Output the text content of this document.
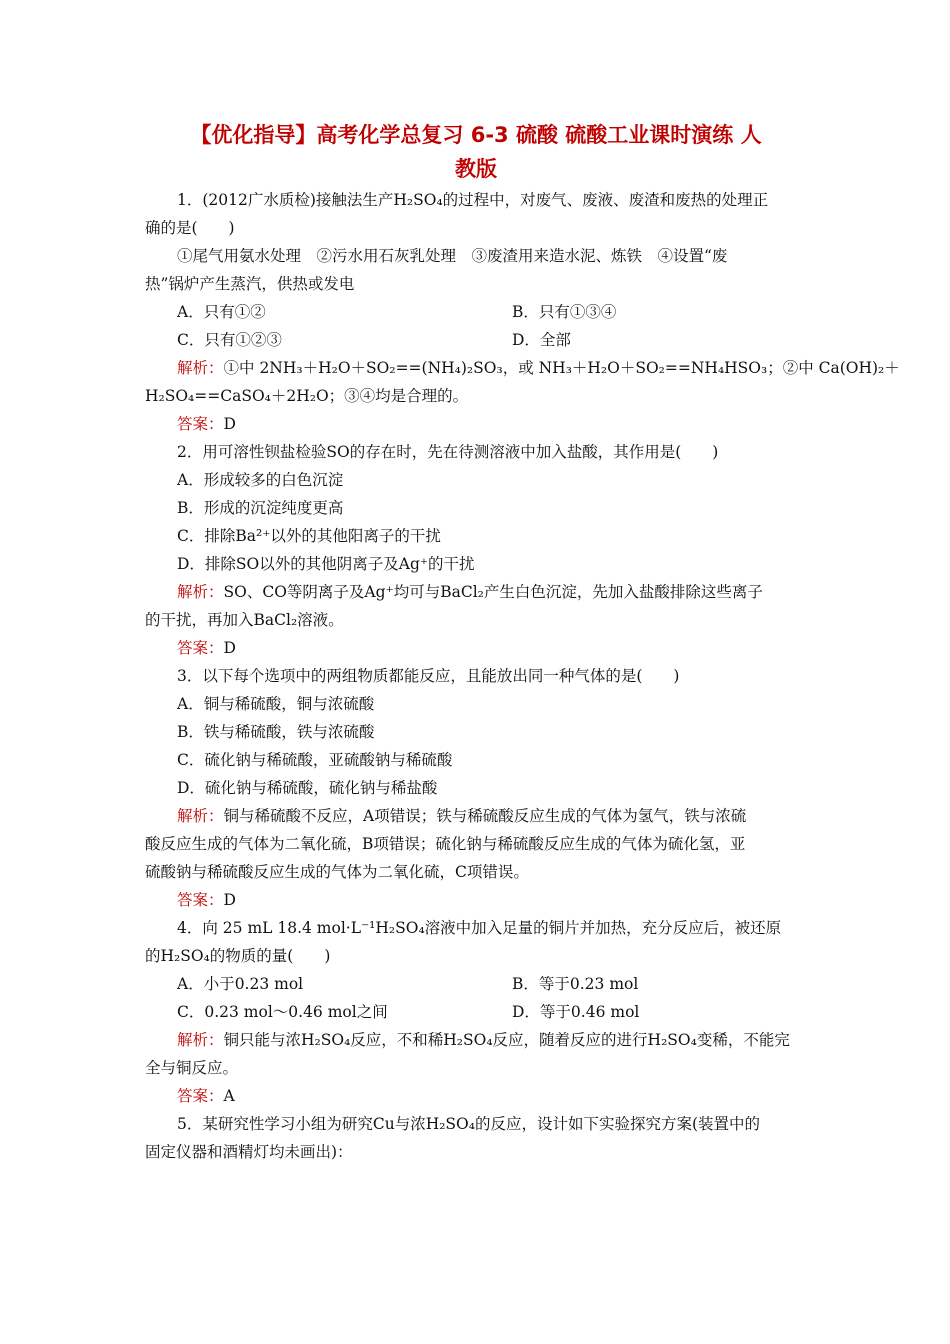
【优化指导】高考化学总复习 6-3 硫酸 硫酸工业课时演练 人
教版
1．(2012广水质检)接触法生产H₂SO₄的过程中，对废气、废液、废渣和废热的处理正
确的是(　　)
①尾气用氨水处理　②污水用石灰乳处理　③废渣用来造水泥、炼铁　④设置“废
热”锅炉产生蒸汽，供热或发电
A．只有①②	B．只有①③④
C．只有①②③	D．全部
解析：①中 2NH₃＋H₂O＋SO₂==(NH₄)₂SO₃，或 NH₃＋H₂O＋SO₂==NH₄HSO₃；②中 Ca(OH)₂＋
H₂SO₄==CaSO₄＋2H₂O；③④均是合理的。
答案：D
2．用可溶性钡盐检验SO的存在时，先在待测溶液中加入盐酸，其作用是(　　)
A．形成较多的白色沉淀
B．形成的沉淀纯度更高
C．排除Ba²⁺以外的其他阳离子的干扰
D．排除SO以外的其他阴离子及Ag⁺的干扰
解析：SO、CO等阴离子及Ag⁺均可与BaCl₂产生白色沉淀，先加入盐酸排除这些离子
的干扰，再加入BaCl₂溶液。
答案：D
3．以下每个选项中的两组物质都能反应，且能放出同一种气体的是(　　)
A．铜与稀硫酸，铜与浓硫酸
B．铁与稀硫酸，铁与浓硫酸
C．硫化钠与稀硫酸，亚硫酸钠与稀硫酸
D．硫化钠与稀硫酸，硫化钠与稀盐酸
解析：铜与稀硫酸不反应，A项错误；铁与稀硫酸反应生成的气体为氢气，铁与浓硫
酸反应生成的气体为二氧化硫，B项错误；硫化钠与稀硫酸反应生成的气体为硫化氢，亚
硫酸钠与稀硫酸反应生成的气体为二氧化硫，C项错误。
答案：D
4．向 25 mL 18.4 mol·L⁻¹H₂SO₄溶液中加入足量的铜片并加热，充分反应后，被还原
的H₂SO₄的物质的量(　　)
A．小于0.23 mol	B．等于0.23 mol
C．0.23 mol～0.46 mol之间	D．等于0.46 mol
解析：铜只能与浓H₂SO₄反应，不和稀H₂SO₄反应，随着反应的进行H₂SO₄变稀，不能完
全与铜反应。
答案：A
5．某研究性学习小组为研究Cu与浓H₂SO₄的反应，设计如下实验探究方案(装置中的
固定仪器和酒精灯均未画出)：
